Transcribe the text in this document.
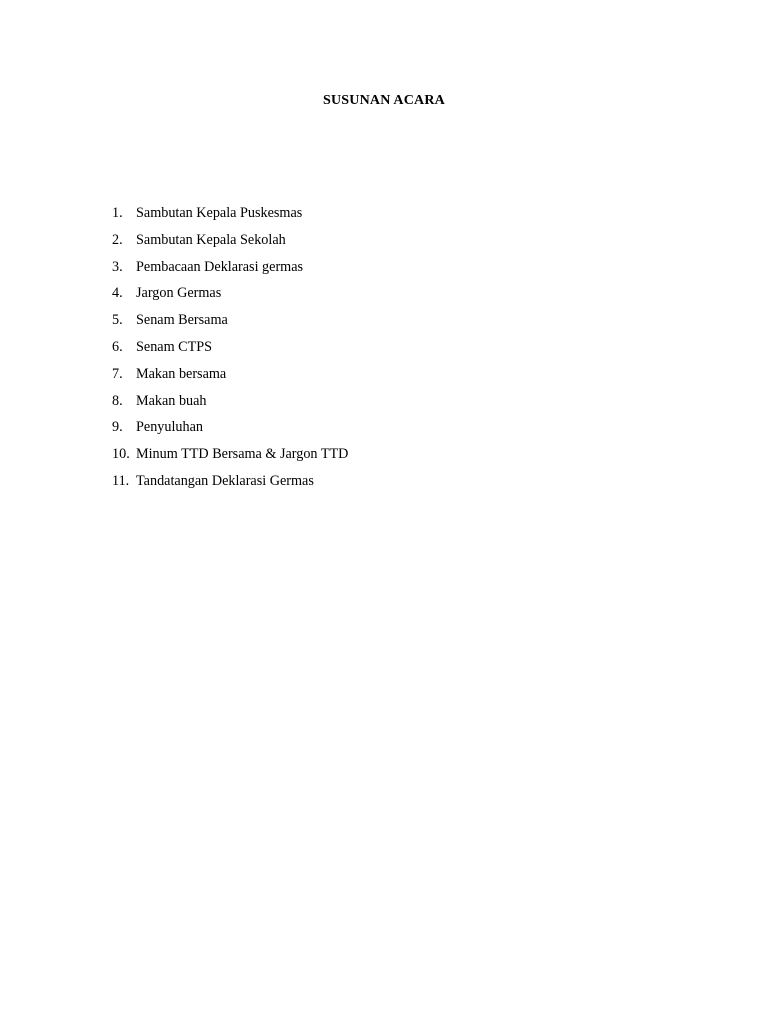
SUSUNAN ACARA
1. Sambutan Kepala Puskesmas
2. Sambutan Kepala Sekolah
3. Pembacaan Deklarasi germas
4. Jargon Germas
5. Senam Bersama
6. Senam CTPS
7. Makan bersama
8. Makan buah
9. Penyuluhan
10. Minum TTD Bersama & Jargon TTD
11. Tandatangan Deklarasi Germas
